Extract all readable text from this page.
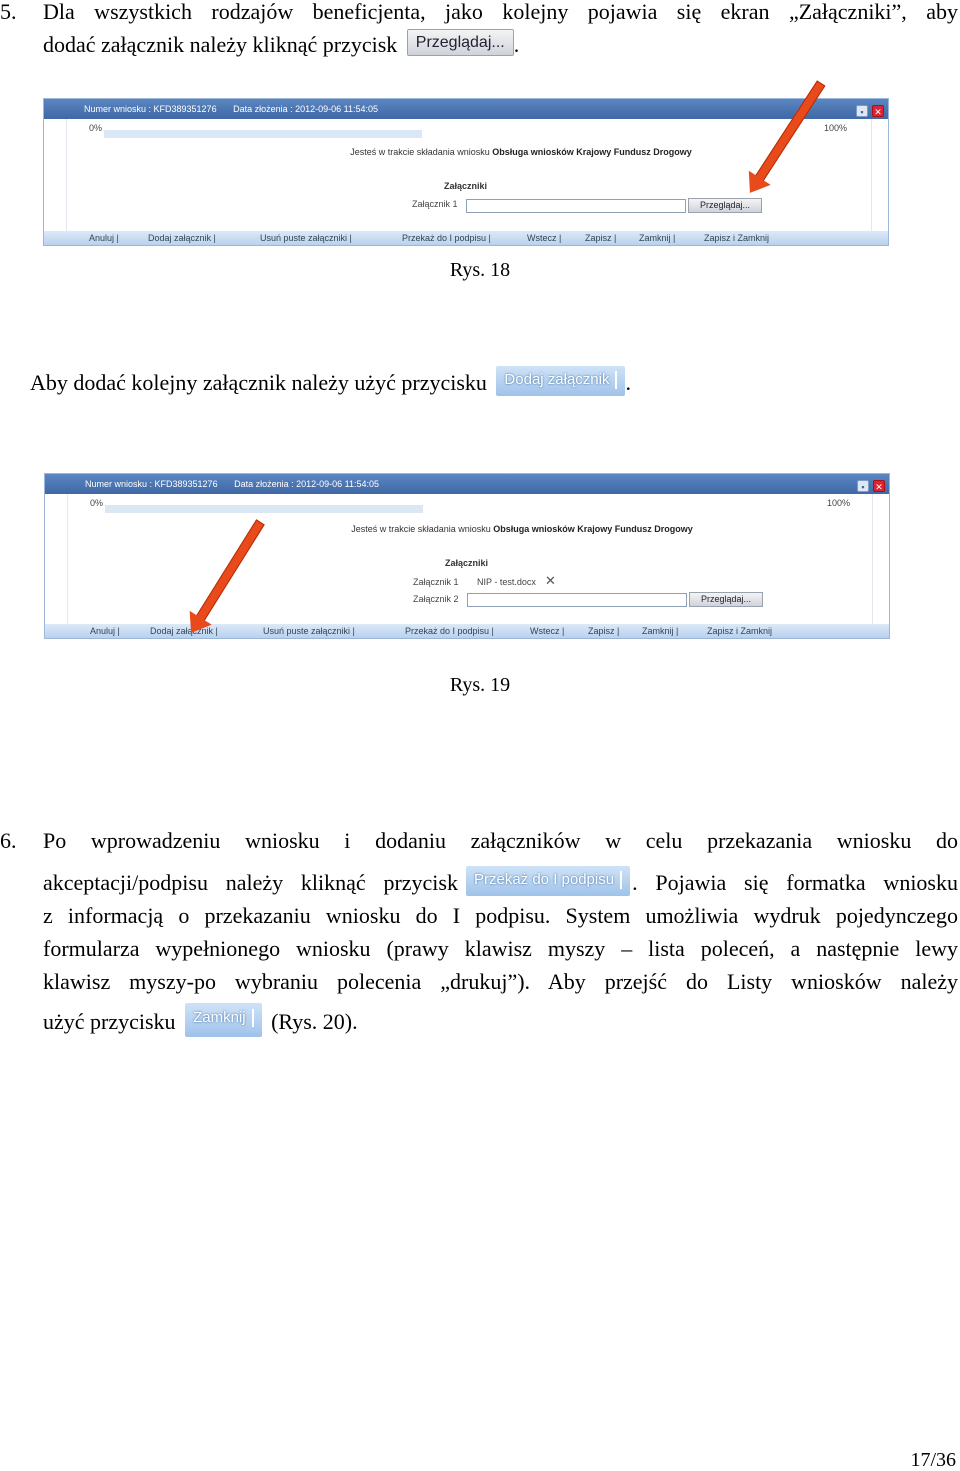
5. Dla wszystkich rodzajów beneficjenta, jako kolejny pojawia się ekran „Załączniki”, aby
dodać załącznik należy kliknąć przycisk Przeglądaj... .
Numer wniosku : KFD389351276 Data złożenia : 2012-09-06 11:54:05	▪ ✕
0%	100%
Jesteś w trakcie składania wniosku Obsługa wniosków Krajowy Fundusz Drogowy
Załączniki
Załącznik 1	Przeglądaj...
Anuluj |	Dodaj załącznik |	Usuń puste załączniki |	Przekaż do I podpisu |	Wstecz |	Zapisz |	Zamknij |	Zapisz i Zamknij
Rys. 18
Aby dodać kolejny załącznik należy użyć przycisku Dodaj załącznik .
Numer wniosku : KFD389351276 Data złożenia : 2012-09-06 11:54:05	▪ ✕
0%	100%
Jesteś w trakcie składania wniosku Obsługa wniosków Krajowy Fundusz Drogowy
Załączniki
Załącznik 1 NIP - test.docx ✕
Załącznik 2	Przeglądaj...
Anuluj |	Dodaj załącznik |	Usuń puste załączniki |	Przekaż do I podpisu |	Wstecz |	Zapisz |	Zamknij |	Zapisz i Zamknij
Rys. 19
6. Po wprowadzeniu wniosku i dodaniu załączników w celu przekazania wniosku do
akceptacji/podpisu należy kliknąć przycisk Przekaż do I podpisu . Pojawia się formatka wniosku
z informacją o przekazaniu wniosku do I podpisu. System umożliwia wydruk pojedynczego
formularza wypełnionego wniosku (prawy klawisz myszy – lista poleceń, a następnie lewy
klawisz myszy-po wybraniu polecenia „drukuj”). Aby przejść do Listy wniosków należy
użyć przycisku Zamknij (Rys. 20).
17/36
